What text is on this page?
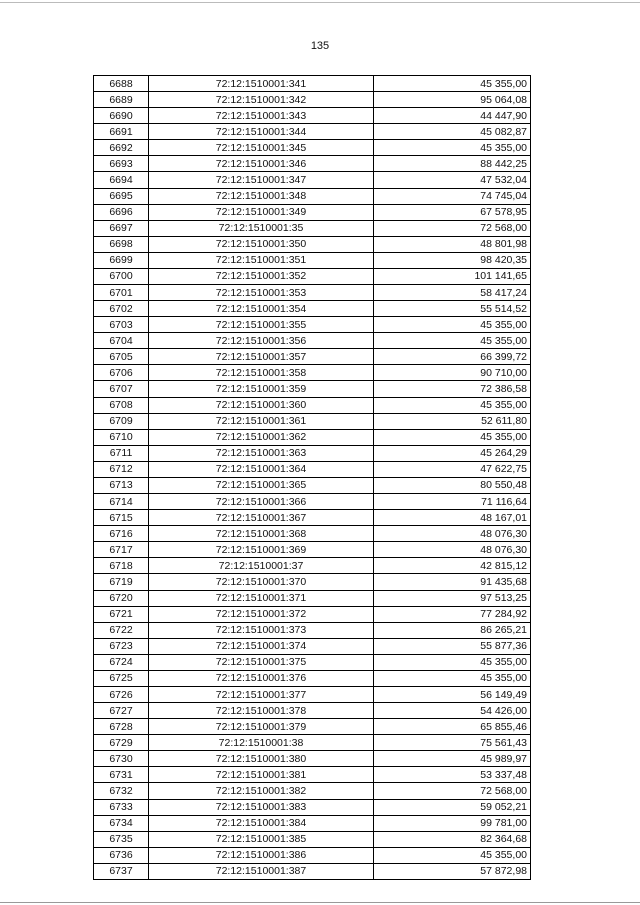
135
6688	72:12:1510001:341	45 355,00
6689	72:12:1510001:342	95 064,08
6690	72:12:1510001:343	44 447,90
6691	72:12:1510001:344	45 082,87
6692	72:12:1510001:345	45 355,00
6693	72:12:1510001:346	88 442,25
6694	72:12:1510001:347	47 532,04
6695	72:12:1510001:348	74 745,04
6696	72:12:1510001:349	67 578,95
6697	72:12:1510001:35	72 568,00
6698	72:12:1510001:350	48 801,98
6699	72:12:1510001:351	98 420,35
6700	72:12:1510001:352	101 141,65
6701	72:12:1510001:353	58 417,24
6702	72:12:1510001:354	55 514,52
6703	72:12:1510001:355	45 355,00
6704	72:12:1510001:356	45 355,00
6705	72:12:1510001:357	66 399,72
6706	72:12:1510001:358	90 710,00
6707	72:12:1510001:359	72 386,58
6708	72:12:1510001:360	45 355,00
6709	72:12:1510001:361	52 611,80
6710	72:12:1510001:362	45 355,00
6711	72:12:1510001:363	45 264,29
6712	72:12:1510001:364	47 622,75
6713	72:12:1510001:365	80 550,48
6714	72:12:1510001:366	71 116,64
6715	72:12:1510001:367	48 167,01
6716	72:12:1510001:368	48 076,30
6717	72:12:1510001:369	48 076,30
6718	72:12:1510001:37	42 815,12
6719	72:12:1510001:370	91 435,68
6720	72:12:1510001:371	97 513,25
6721	72:12:1510001:372	77 284,92
6722	72:12:1510001:373	86 265,21
6723	72:12:1510001:374	55 877,36
6724	72:12:1510001:375	45 355,00
6725	72:12:1510001:376	45 355,00
6726	72:12:1510001:377	56 149,49
6727	72:12:1510001:378	54 426,00
6728	72:12:1510001:379	65 855,46
6729	72:12:1510001:38	75 561,43
6730	72:12:1510001:380	45 989,97
6731	72:12:1510001:381	53 337,48
6732	72:12:1510001:382	72 568,00
6733	72:12:1510001:383	59 052,21
6734	72:12:1510001:384	99 781,00
6735	72:12:1510001:385	82 364,68
6736	72:12:1510001:386	45 355,00
6737	72:12:1510001:387	57 872,98
